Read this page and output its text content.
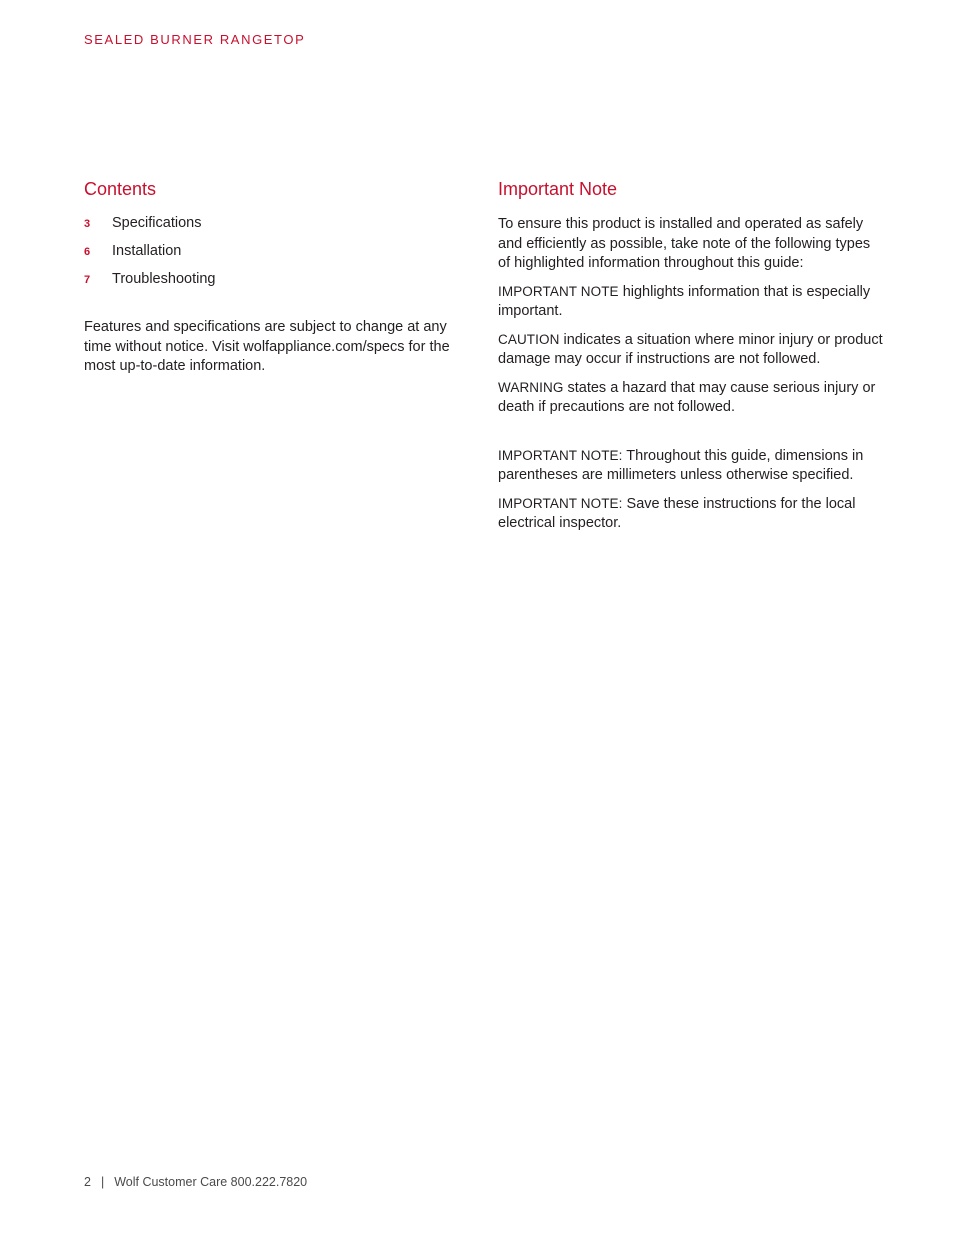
SEALED BURNER RANGETOP
Contents
3	Specifications
6	Installation
7	Troubleshooting

Features and specifications are subject to change at any time without notice. Visit wolfappliance.com/specs for the most up-to-date information.

Important Note

To ensure this product is installed and operated as safely and efficiently as possible, take note of the following types of highlighted information throughout this guide:

IMPORTANT NOTE highlights information that is especially important.

CAUTION indicates a situation where minor injury or product damage may occur if instructions are not followed.

WARNING states a hazard that may cause serious injury or death if precautions are not followed.

IMPORTANT NOTE: Throughout this guide, dimensions in parentheses are millimeters unless otherwise specified.

IMPORTANT NOTE: Save these instructions for the local electrical inspector.

2 | Wolf Customer Care 800.222.7820
